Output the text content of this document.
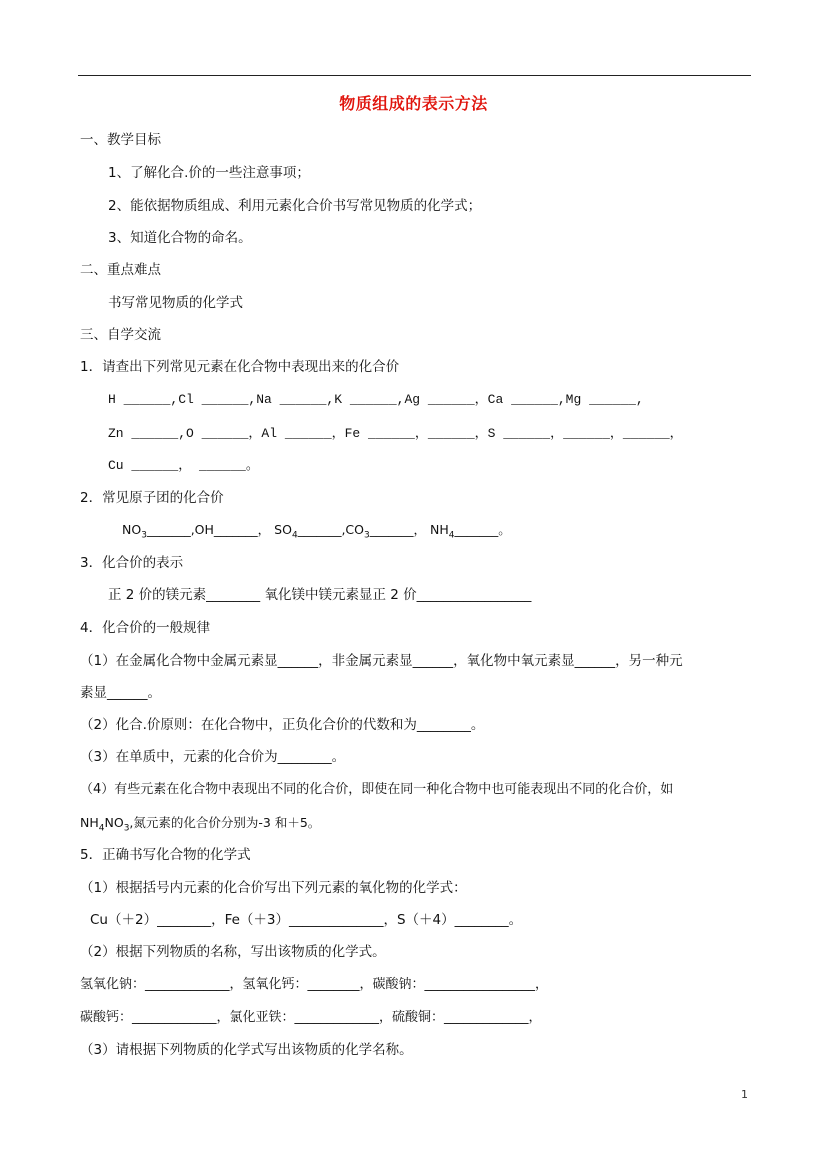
物质组成的表示方法
一、教学目标
1、了解化合.价的一些注意事项；
2、能依据物质组成、利用元素化合价书写常见物质的化学式；
3、知道化合物的命名。
二、重点难点
书写常见物质的化学式
三、自学交流
1．请查出下列常见元素在化合物中表现出来的化合价
H ______,Cl ______,Na ______,K ______,Ag ______，Ca ______,Mg ______,
Zn ______,O ______，Al ______，Fe ______，______，S ______，______，______，
Cu ______， ______。
2．常见原子团的化合价
$NO_3\_\_\_\_\_\_\_,OH\_\_\_\_\_\_\_$， $SO_4\_\_\_\_\_\_\_,CO_3\_\_\_\_\_\_\_$， $NH_4\_\_\_\_\_\_\_$。
3．化合价的表示
正 2 价的镁元素________ 氧化镁中镁元素显正 2 价_________________
4．化合价的一般规律
（1）在金属化合物中金属元素显______，非金属元素显______，氧化物中氧元素显______，另一种元
素显______。
（2）化合.价原则：在化合物中，正负化合价的代数和为________。
（3）在单质中，元素的化合价为________。
（4）有些元素在化合物中表现出不同的化合价，即使在同一种化合物中也可能表现出不同的化合价，如
$NH_4NO_3$,氮元素的化合价分别为-3 和＋5。
5．正确书写化合物的化学式
（1）根据括号内元素的化合价写出下列元素的氧化物的化学式：
Cu（＋2）________，Fe（＋3）______________，S（＋4）________。
（2）根据下列物质的名称，写出该物质的化学式。
氢氧化钠：_____________，氢氧化钙：________，碳酸钠：_________________，
碳酸钙：_____________，氯化亚铁：_____________，硫酸铜：_____________，
（3）请根据下列物质的化学式写出该物质的化学名称。
1
